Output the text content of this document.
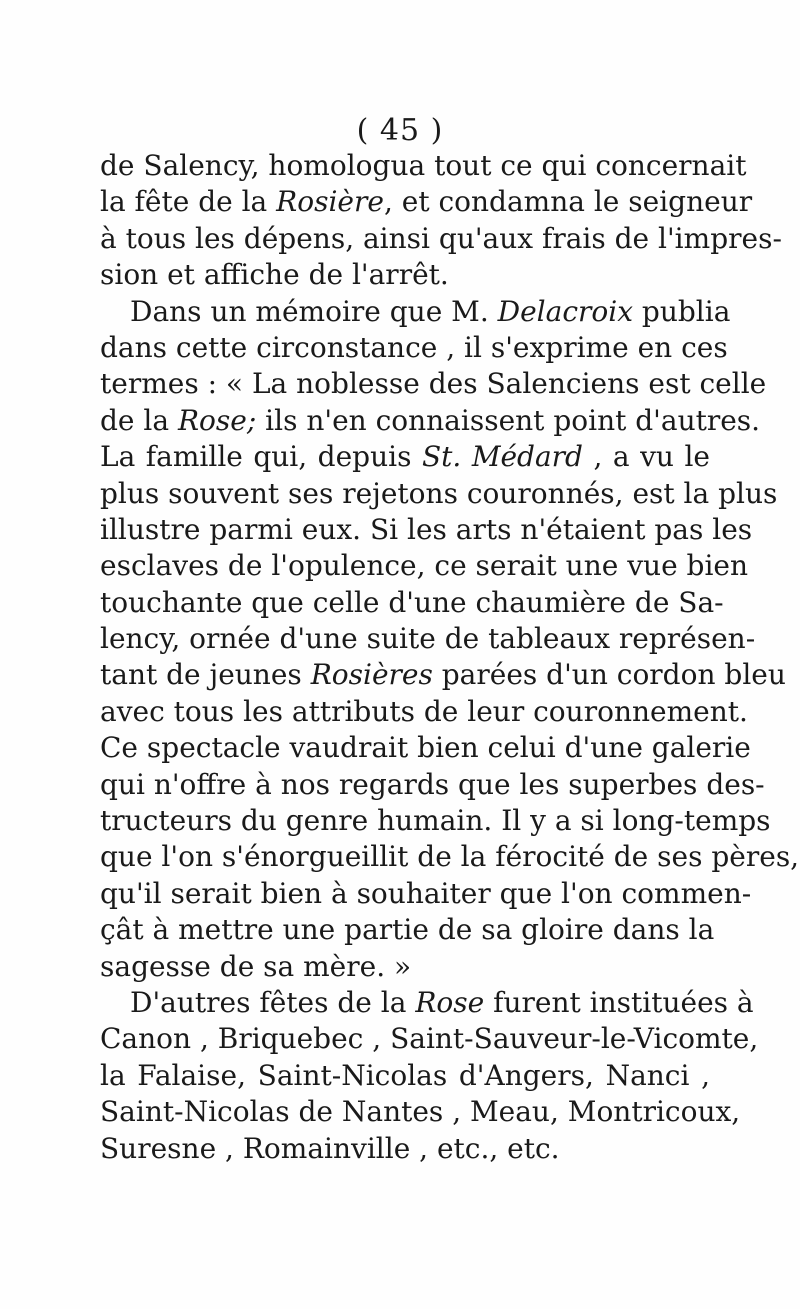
( 45 )
de Salency, homologua tout ce qui concernait
la fête de la Rosière, et condamna le seigneur
à tous les dépens, ainsi qu'aux frais de l'impres-
sion et affiche de l'arrêt.
Dans un mémoire que M. Delacroix publia
dans cette circonstance , il s'exprime en ces
termes : « La noblesse des Salenciens est celle
de la Rose; ils n'en connaissent point d'autres.
La famille qui, depuis St. Médard , a vu le
plus souvent ses rejetons couronnés, est la plus
illustre parmi eux. Si les arts n'étaient pas les
esclaves de l'opulence, ce serait une vue bien
touchante que celle d'une chaumière de Sa-
lency, ornée d'une suite de tableaux représen-
tant de jeunes Rosières parées d'un cordon bleu
avec tous les attributs de leur couronnement.
Ce spectacle vaudrait bien celui d'une galerie
qui n'offre à nos regards que les superbes des-
tructeurs du genre humain. Il y a si long-temps
que l'on s'énorgueillit de la férocité de ses pères,
qu'il serait bien à souhaiter que l'on commen-
çât à mettre une partie de sa gloire dans la
sagesse de sa mère. »
D'autres fêtes de la Rose furent instituées à
Canon , Briquebec , Saint-Sauveur-le-Vicomte,
la Falaise, Saint-Nicolas d'Angers, Nanci ,
Saint-Nicolas de Nantes , Meau, Montricoux,
Suresne , Romainville , etc., etc.
